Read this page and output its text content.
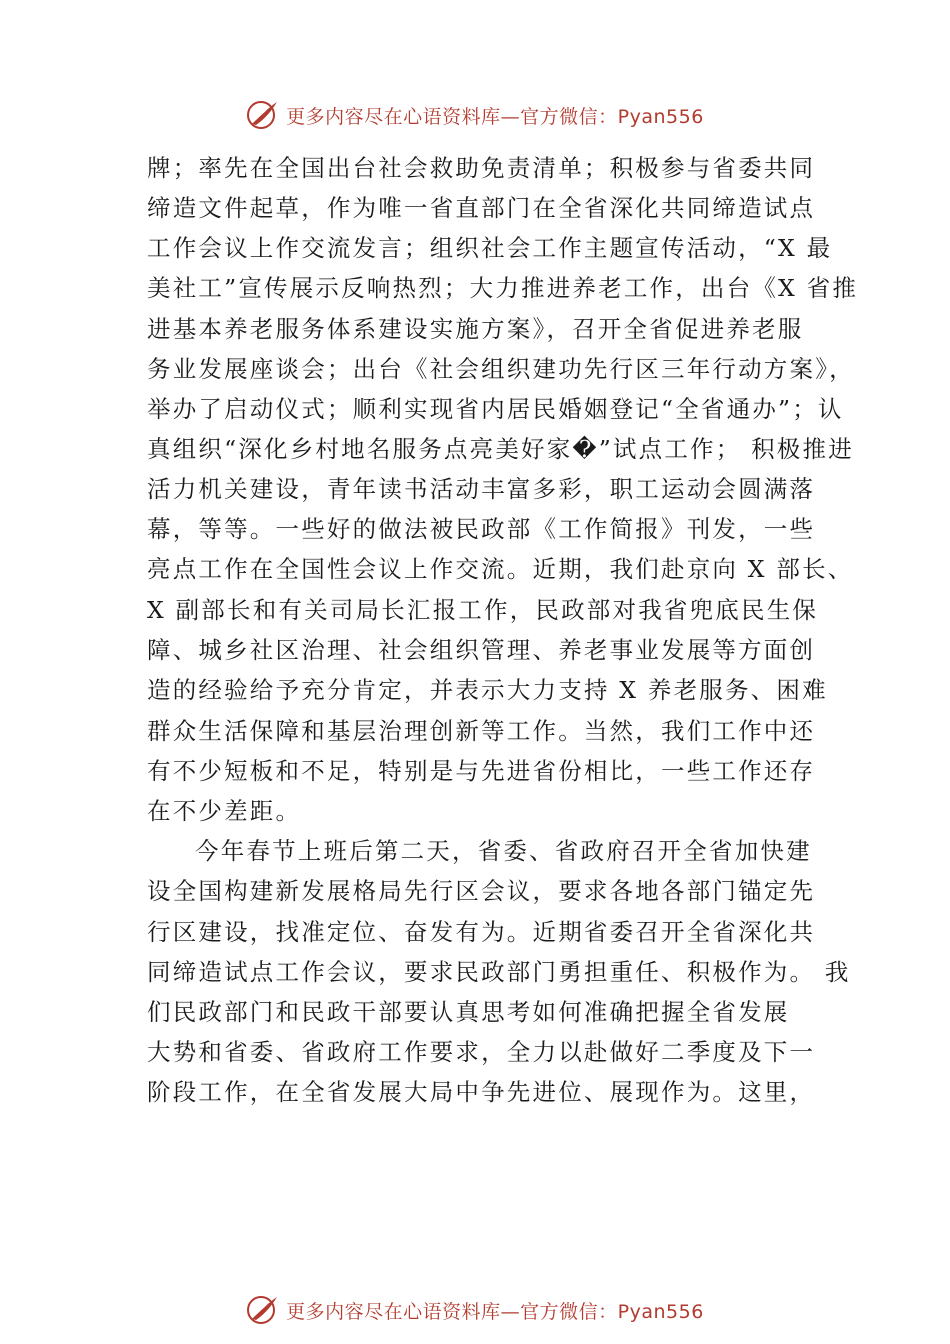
更多内容尽在心语资料库—官方微信：Pyan556
牌；率先在全国出台社会救助免责清单；积极参与省委共同
缔造文件起草，作为唯一省直部门在全省深化共同缔造试点
工作会议上作交流发言；组织社会工作主题宣传活动，“X 最
美社工”宣传展示反响热烈；大力推进养老工作，出台《X 省推
进基本养老服务体系建设实施方案》，召开全省促进养老服
务业发展座谈会；出台《社会组织建功先行区三年行动方案》，
举办了启动仪式；顺利实现省内居民婚姻登记“全省通办”；认
真组织“深化乡村地名服务点亮美好家�”试点工作； 积极推进
活力机关建设，青年读书活动丰富多彩，职工运动会圆满落
幕，等等。一些好的做法被民政部《工作简报》刊发，一些
亮点工作在全国性会议上作交流。近期，我们赴京向 X 部长、
X 副部长和有关司局长汇报工作，民政部对我省兜底民生保
障、城乡社区治理、社会组织管理、养老事业发展等方面创
造的经验给予充分肯定，并表示大力支持 X 养老服务、困难
群众生活保障和基层治理创新等工作。当然，我们工作中还
有不少短板和不足，特别是与先进省份相比，一些工作还存
在不少差距。
今年春节上班后第二天，省委、省政府召开全省加快建
设全国构建新发展格局先行区会议，要求各地各部门锚定先
行区建设，找准定位、奋发有为。近期省委召开全省深化共
同缔造试点工作会议，要求民政部门勇担重任、积极作为。 我
们民政部门和民政干部要认真思考如何准确把握全省发展
大势和省委、省政府工作要求，全力以赴做好二季度及下一
阶段工作，在全省发展大局中争先进位、展现作为。这里，
更多内容尽在心语资料库—官方微信：Pyan556
